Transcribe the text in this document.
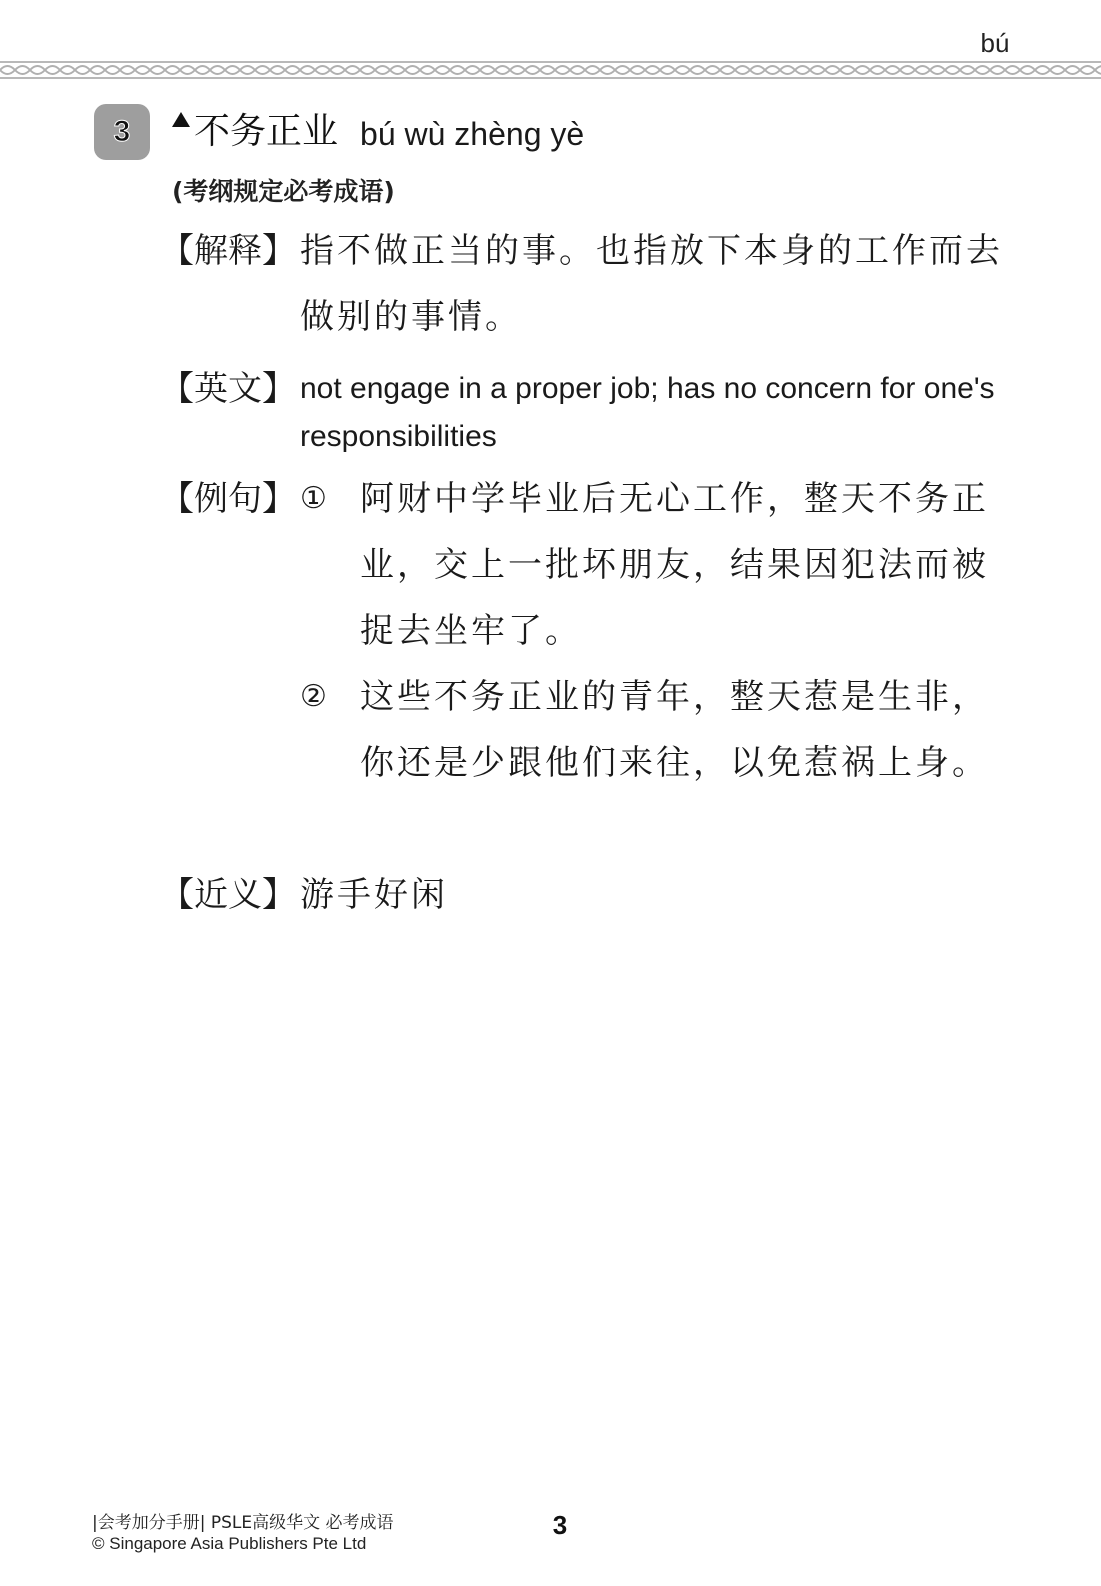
bú
3 不务正业 bú wù zhèng yè
(考纲规定必考成语)
【解释】 指不做正当的事。也指放下本身的工作而去做别的事情。
【英文】 not engage in a proper job; has no concern for one's responsibilities
【例句】 ① 阿财中学毕业后无心工作，整天不务正业，交上一批坏朋友，结果因犯法而被捉去坐牢了。
② 这些不务正业的青年，整天惹是生非，你还是少跟他们来往，以免惹祸上身。
【近义】 游手好闲
|会考加分手册| PSLE高级华文 必考成语
© Singapore Asia Publishers Pte Ltd
3
